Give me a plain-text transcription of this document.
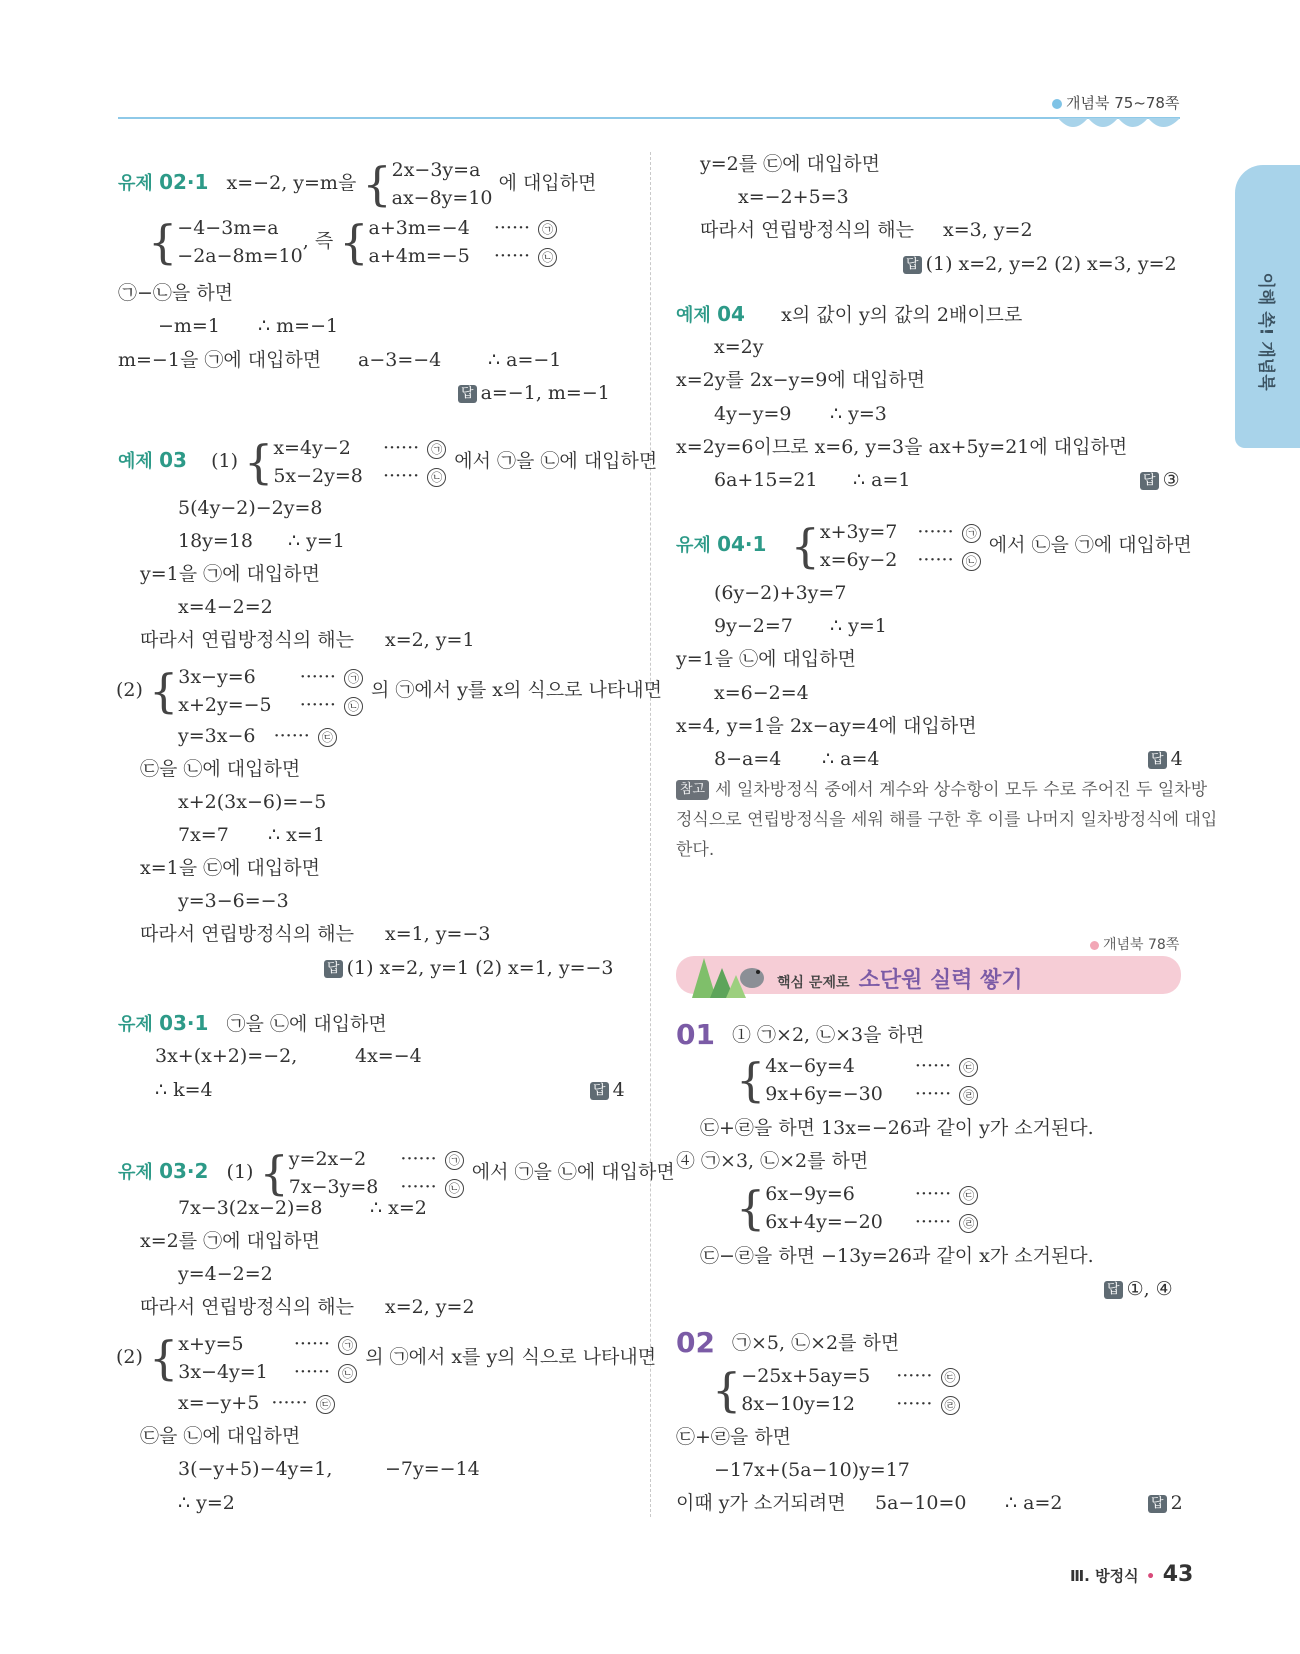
개념북 75~78쪽
이해 쏙! 개념북
유제 02·1 x=−2, y=m을 { 2x−3y=a
ax−8y=10
에 대입하면
{ −4−3m=a
−2a−8m=10
, 즉 { a+3m=−4
a+4m=−5

······ ㉠
······ ㉡
㉠−㉡을 하면
−m=1 ∴ m=−1
m=−1을 ㉠에 대입하면 a−3=−4 ∴ a=−1
답 a=−1, m=−1
예제 03 (1) { x=4y−2
5x−2y=8

······ ㉠
······ ㉡
에서 ㉠을 ㉡에 대입하면
5(4y−2)−2y=8
18y=18 ∴ y=1
y=1을 ㉠에 대입하면
x=4−2=2
따라서 연립방정식의 해는 x=2, y=1
(2) { 3x−y=6
x+2y=−5

······ ㉠
······ ㉡
의 ㉠에서 y를 x의 식으로 나타내면
y=3x−6 ······ ㉢
㉢을 ㉡에 대입하면
x+2(3x−6)=−5
7x=7 ∴ x=1
x=1을 ㉢에 대입하면
y=3−6=−3
따라서 연립방정식의 해는 x=1, y=−3
답 (1) x=2, y=1 (2) x=1, y=−3
유제 03·1 ㉠을 ㉡에 대입하면
3x+(x+2)=−2,	4x=−4
∴ k=4	답 4
유제 03·2 (1) { y=2x−2
7x−3y=8

······ ㉠
······ ㉡
에서 ㉠을 ㉡에 대입하면
7x−3(2x−2)=8	∴ x=2
x=2를 ㉠에 대입하면
y=4−2=2
따라서 연립방정식의 해는 x=2, y=2
(2) { x+y=5
3x−4y=1

······ ㉠
······ ㉡
의 ㉠에서 x를 y의 식으로 나타내면
x=−y+5 ······ ㉢
㉢을 ㉡에 대입하면
3(−y+5)−4y=1,	−7y=−14
∴ y=2
y=2를 ㉢에 대입하면
x=−2+5=3
따라서 연립방정식의 해는 x=3, y=2
답 (1) x=2, y=2 (2) x=3, y=2
예제 04 x의 값이 y의 값의 2배이므로
x=2y
x=2y를 2x−y=9에 대입하면
4y−y=9 ∴ y=3
x=2y=6이므로 x=6, y=3을 ax+5y=21에 대입하면
6a+15=21 ∴ a=1	답 ③
유제 04·1 { x+3y=7
x=6y−2

······ ㉠
······ ㉡
에서 ㉡을 ㉠에 대입하면
(6y−2)+3y=7
9y−2=7 ∴ y=1
y=1을 ㉡에 대입하면
x=6−2=4
x=4, y=1을 2x−ay=4에 대입하면
8−a=4 ∴ a=4	답 4
참고 세 일차방정식 중에서 계수와 상수항이 모두 수로 주어진 두 일차방
정식으로 연립방정식을 세워 해를 구한 후 이를 나머지 일차방정식에 대입
한다.
개념북 78쪽
핵심 문제로 소단원 실력 쌓기
01 ① ㉠×2, ㉡×3을 하면
{ 4x−6y=4
9x+6y=−30

······ ㉢
······ ㉣
㉢+㉣을 하면 13x=−26과 같이 y가 소거된다.
④ ㉠×3, ㉡×2를 하면
{ 6x−9y=6
6x+4y=−20

······ ㉢
······ ㉣
㉢−㉣을 하면 −13y=26과 같이 x가 소거된다.
답 ①, ④
02 ㉠×5, ㉡×2를 하면
{ −25x+5ay=5
8x−10y=12

······ ㉢
······ ㉣
㉢+㉣을 하면
−17x+(5a−10)y=17
이때 y가 소거되려면 5a−10=0 ∴ a=2	답 2
Ⅲ. 방정식 • 43
